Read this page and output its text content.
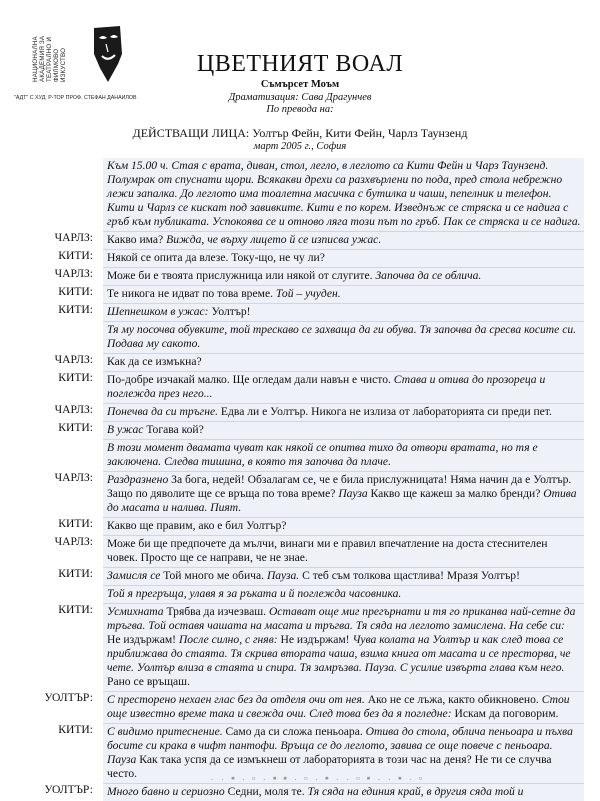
НАЦИОНАЛНА АКАДЕМИЯ ЗА ТЕАТРАЛНО И ФИЛМОВО ИЗКУСТВО
"АДТ" С ХУД. Р-ТОР ПРОФ. СТЕФАН ДАНАИЛОВ
ЦВЕТНИЯТ ВОАЛ
Съмърсет Моъм
Драматизация: Сава Драгунчев
По превода на:
ДЕЙСТВАЩИ ЛИЦА: Уолтър Фейн, Кити Фейн, Чарлз Таунзенд
март 2005 г., София
Към 15.00 ч. Стая с врата, диван, стол, легло, в леглото са Кити Фейн и Чарз Таунзенд. Полумрак от спуснати щори. Всякакви дрехи са разхвърлени по пода, пред стола небрежно лежи запалка. До леглото има тоалетна масичка с бутилка и чаши, пепелник и телефон. Кити и Чарлз се кискат под завивките. Кити е по корем. Изведнъж се стряска и се надига с гръб към публиката. Успокоява се и отново ляга този път по гръб. Пак се стряска и се надига.
ЧАРЛЗ:	Какво има? Вижда, че върху лицето й се изписва ужас.
КИТИ:	Някой се опита да влезе. Току-що, не чу ли?
ЧАРЛЗ:	Може би е твоята прислужница или някой от слугите. Започва да се облича.
КИТИ:	Те никога не идват по това време. Той – учуден.
КИТИ:	Шепнешком в ужас: Уолтър!
Тя му посочва обувките, той трескаво се захваща да ги обува. Тя започва да сресва косите си. Подава му сакото.
ЧАРЛЗ:	Как да се измъкна?
КИТИ:	По-добре изчакай малко. Ще огледам дали навън е чисто. Става и отива до прозореца и поглежда през него...
ЧАРЛЗ:	Понечва да си тръгне. Едва ли е Уолтър. Никога не излиза от лабораторията си преди пет.
КИТИ:	В ужас Тогава кой?
В този момент двамата чуват как някой се опитва тихо да отвори вратата, но тя е заключена. Следва тишина, в която тя започва да плаче.
ЧАРЛЗ:	Раздразнено За бога, недей! Обзалагам се, че е била прислужницата! Няма начин да е Уолтър. Защо по дяволите ще се връща по това време? Пауза Какво ще кажеш за малко бренди? Отива до масата и налива. Пият.
КИТИ:	Какво ще правим, ако е бил Уолтър?
ЧАРЛЗ:	Може би ще предпочете да мълчи, винаги ми е правил впечатление на доста стеснителен човек. Просто ще се направи, че не знае.
КИТИ:	Замисля се Той много ме обича. Пауза. С теб съм толкова щастлива! Мразя Уолтър!
Той я прегръща, улавя я за ръката и й поглежда часовника.
КИТИ:	Усмихната Трябва да изчезваш. Остават още миг прегърнати и тя го приканва най-сетне да тръгва. Той оставя чашата на масата и тръгва. Тя сяда на леглото замислена. На себе си: Не издържам! После силно, с гняв: Не издържам! Чува колата на Уолтър и как след това се приближава до стаята. Тя скрива втората чаша, взима книга от масата и се престорва, че чете. Уолтър влиза в стаята и спира. Тя замръзва. Пауза. С усилие извърта глава към него. Рано се връщаш.
УОЛТЪР:	С престорено нехаен глас без да отделя очи от нея. Ако не се лъжа, както обикновено. Стои още известно време така и свежда очи. След това без да я погледне: Искам да поговорим.
КИТИ:	С видимо притеснение. Само да си сложа пеньоара. Отива до стола, облича пеньоара и пъхва босите си крака в чифт пантофи. Връща се до леглото, завива се още повече с пеньоара. Пауза Как така успя да се измъкнеш от лабораторията в този час на деня? Не ти се случва често.
УОЛТЪР:	Много бавно и сериозно Седни, моля те. Тя сяда на единия край, в другия сяда той и
. . ▪ . ▫ . ▪ ▪ . ▫ . ▪ . . ▫ ▪ . . ▪ . ▫
